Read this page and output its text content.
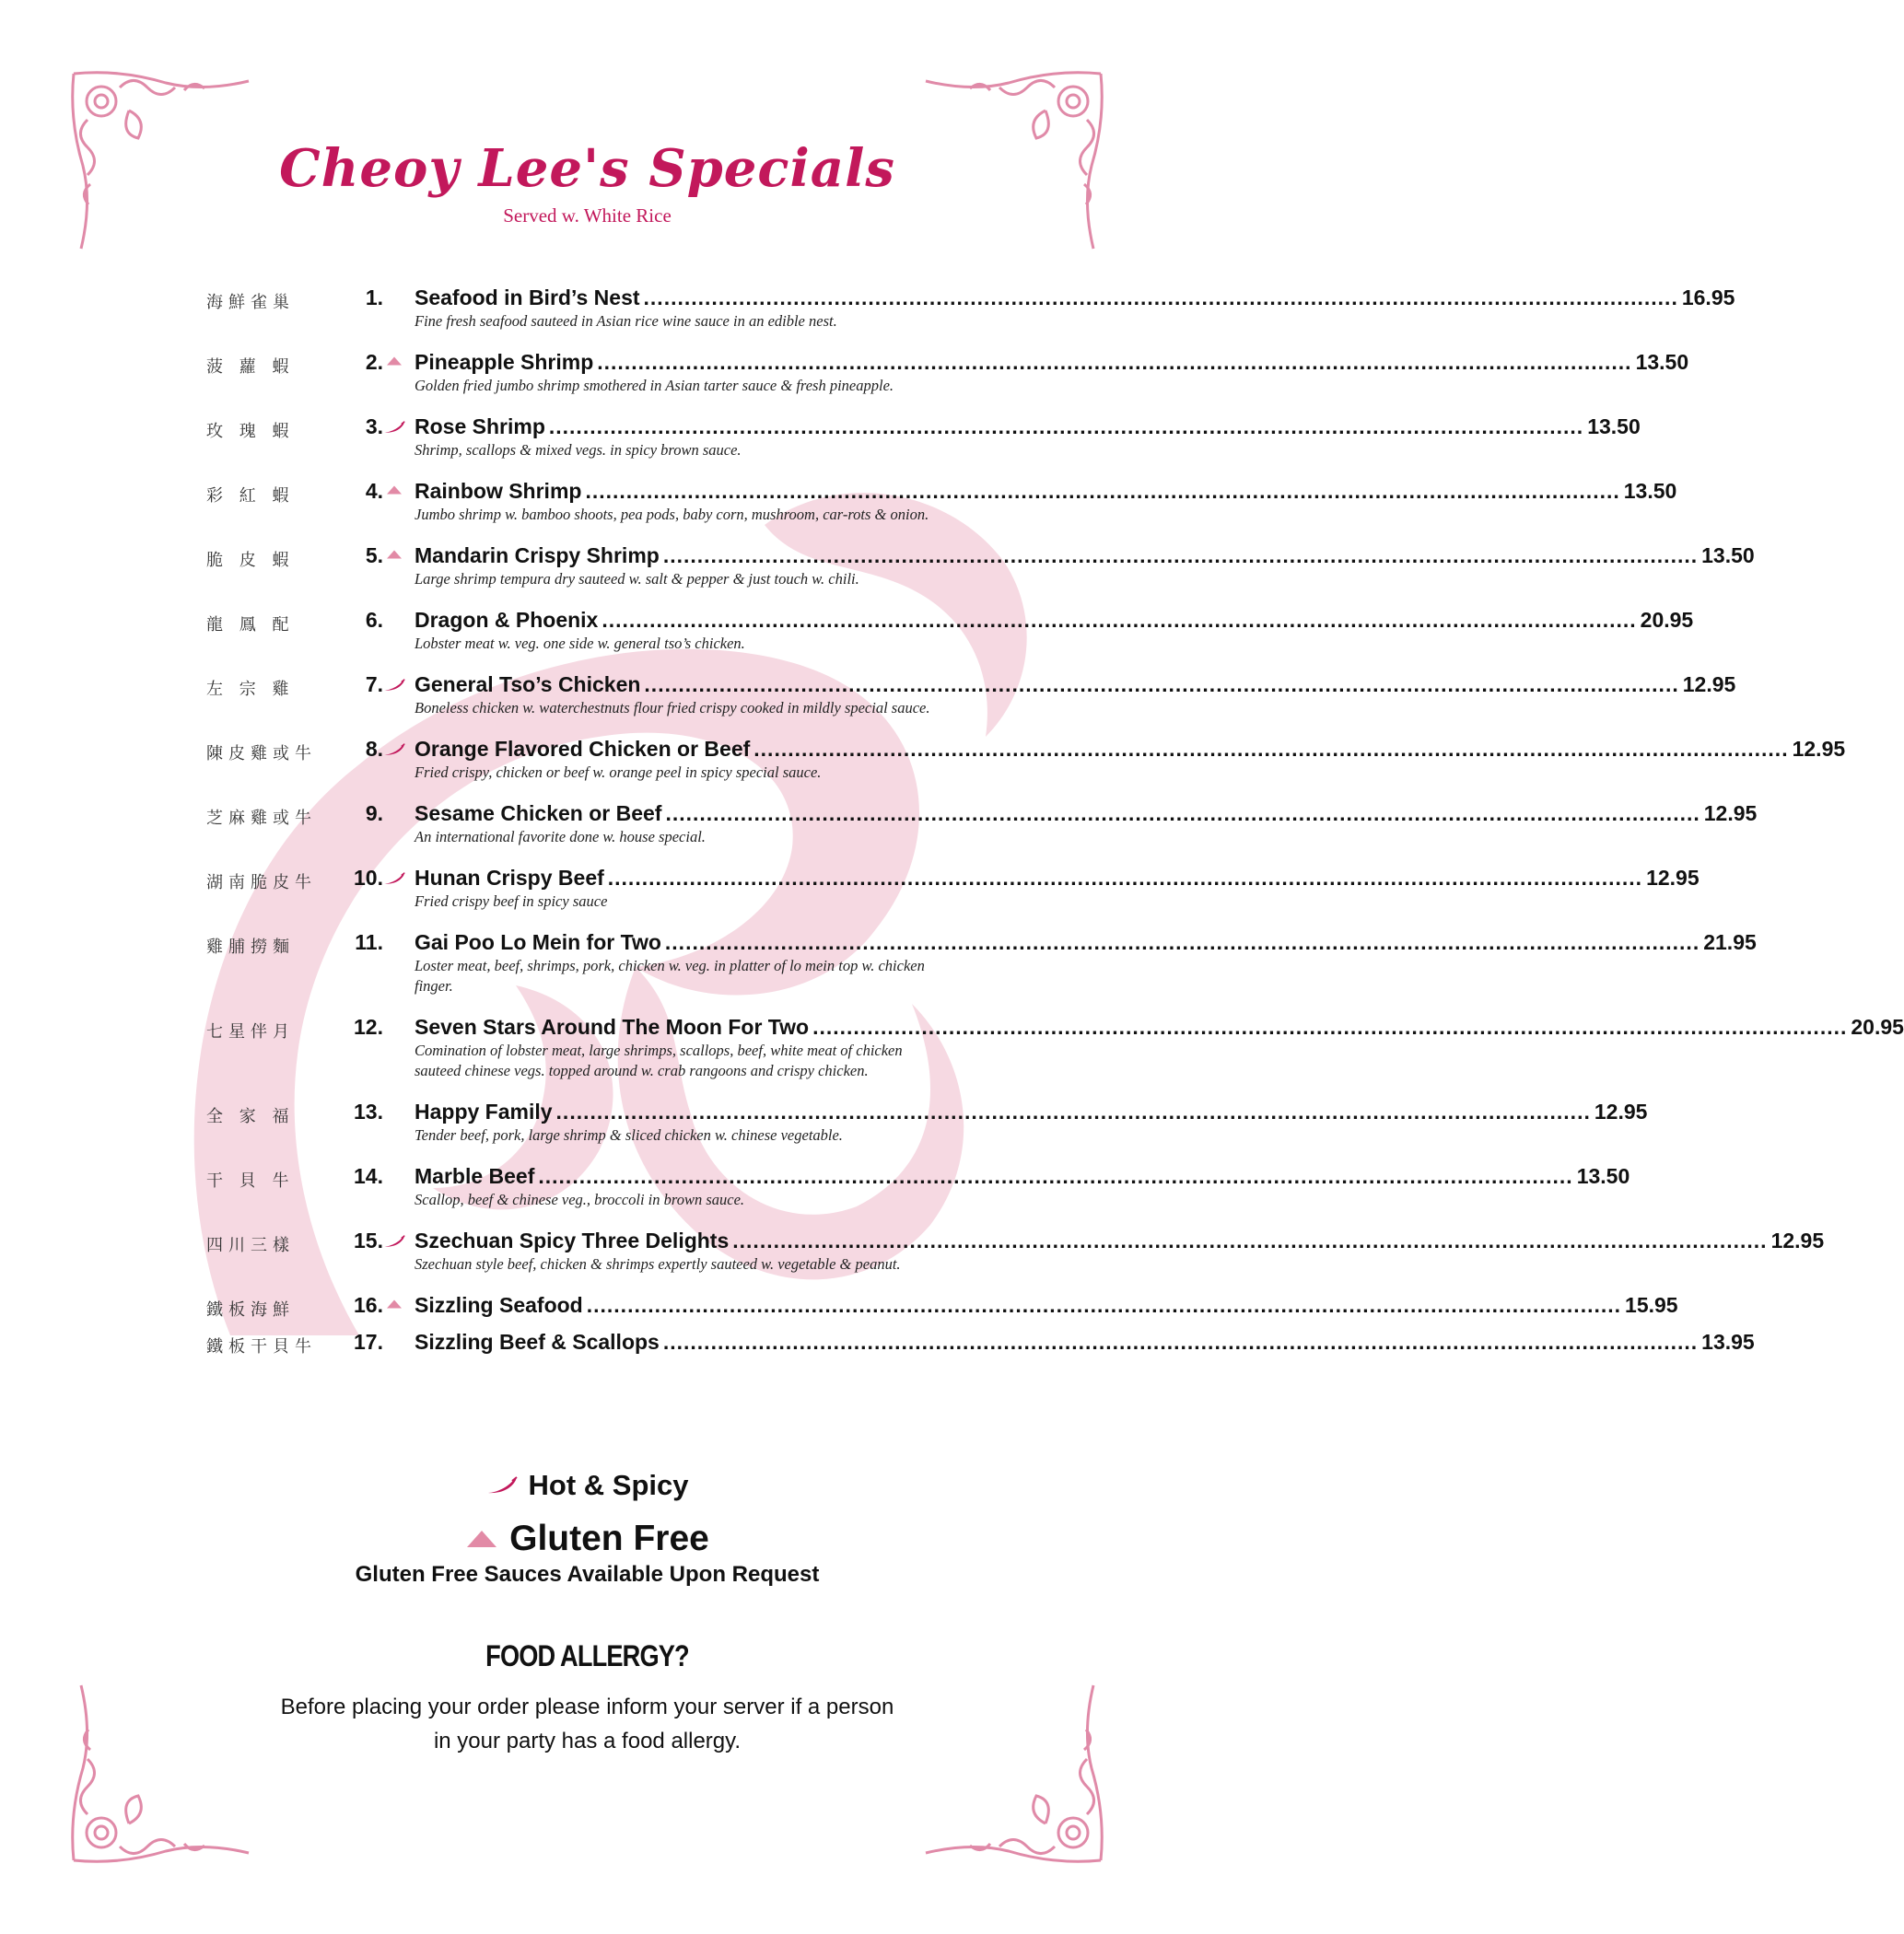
Cheoy Lee's Specials
Served w. White Rice
海鮮雀巢	1. Seafood in Bird’s Nest .....	16.95
Fine fresh seafood sauteed in Asian rice wine sauce in an edible nest.
菠 蘿 蝦	2. Pineapple Shrimp .....	13.50
Golden fried jumbo shrimp smothered in Asian tarter sauce & fresh pineapple.
玫 瑰 蝦	3. Rose Shrimp .....	13.50
Shrimp, scallops & mixed vegs. in spicy brown sauce.
彩 紅 蝦	4. Rainbow Shrimp .....	13.50
Jumbo shrimp w. bamboo shoots, pea pods, baby corn, mushroom, car-rots & onion.
脆 皮 蝦	5. Mandarin Crispy Shrimp .....	13.50
Large shrimp tempura dry sauteed w. salt & pepper & just touch w. chili.
龍 鳳 配	6. Dragon & Phoenix .....	20.95
Lobster meat w. veg. one side w. general tso’s chicken.
左 宗 雞	7. General Tso’s Chicken .....	12.95
Boneless chicken w. waterchestnuts flour fried crispy cooked in mildly special sauce.
陳皮雞或牛	8. Orange Flavored Chicken or Beef .....	12.95
Fried crispy, chicken or beef w. orange peel in spicy special sauce.
芝麻雞或牛	9. Sesame Chicken or Beef .....	12.95
An international favorite done w. house special.
湖南脆皮牛	10. Hunan Crispy Beef .....	12.95
Fried crispy beef in spicy sauce
雞脯撈麵	11. Gai Poo Lo Mein for Two .....	21.95
Loster meat, beef, shrimps, pork, chicken w. veg. in platter of lo mein top w. chicken finger.
七星伴月	12. Seven Stars Around The Moon For Two .....	20.95
Comination of lobster meat, large shrimps, scallops, beef, white meat of chicken sauteed chinese vegs. topped around w. crab rangoons and crispy chicken.
全 家 福	13. Happy Family .....	12.95
Tender beef, pork, large shrimp & sliced chicken w. chinese vegetable.
干 貝 牛	14. Marble Beef .....	13.50
Scallop, beef & chinese veg., broccoli in brown sauce.
四川三樣	15. Szechuan Spicy Three Delights .....	12.95
Szechuan style beef, chicken & shrimps expertly sauteed w. vegetable & peanut.
鐵板海鮮	16. Sizzling Seafood .....	15.95
鐵板干貝牛	17. Sizzling Beef & Scallops .....	13.95
Hot & Spicy
Gluten Free
Gluten Free Sauces Available Upon Request
FOOD ALLERGY?
Before placing your order please inform your server if a person
in your party has a food allergy.
